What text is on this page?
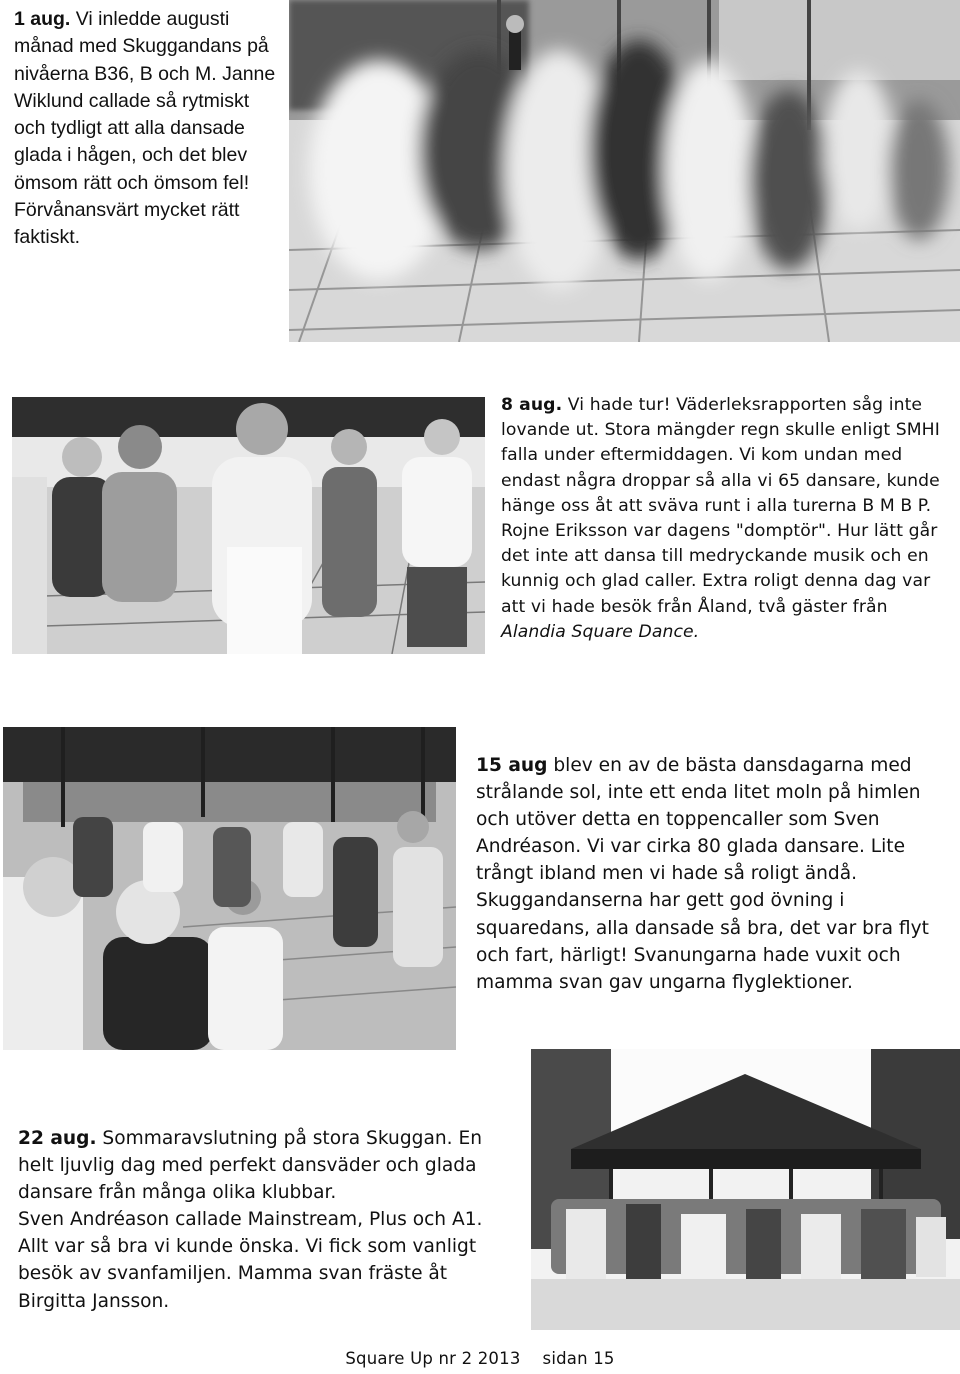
1 aug. Vi inledde augusti månad med Skuggandans på nivåerna B36, B och M. Janne Wiklund callade så rytmiskt och tydligt att alla dansade glada i hågen, och det blev ömsom rätt och ömsom fel! Förvånansvärt mycket rätt faktiskt.

8 aug. Vi hade tur! Väderleksrapporten såg inte lovande ut. Stora mängder regn skulle enligt SMHI falla under eftermiddagen. Vi kom undan med endast några droppar så alla vi 65 dansare, kunde hänge oss åt att sväva runt i alla turerna B M B P.
Rojne Eriksson var dagens "domptör". Hur lätt går det inte att dansa till medryckande musik och en kunnig och glad caller. Extra roligt denna dag var att vi hade besök från Åland, två gäster från Alandia Square Dance.

15 aug blev en av de bästa dansdagarna med strålande sol, inte ett enda litet moln på himlen och utöver detta en toppencaller som Sven Andréason. Vi var cirka 80 glada dansare. Lite trångt ibland men vi hade så roligt ändå. Skuggandanserna har gett god övning i squaredans, alla dansade så bra, det var bra flyt och fart, härligt! Svanungarna hade vuxit och mamma svan gav ungarna flyglektioner.

22 aug. Sommaravslutning på stora Skuggan. En helt ljuvlig dag med perfekt dansväder och glada dansare från många olika klubbar.
Sven Andréason callade Mainstream, Plus och A1.
Allt var så bra vi kunde önska. Vi fick som vanligt besök av svanfamiljen. Mamma svan fräste åt Birgitta Jansson.
Square Up nr 2 2013 sidan 15
